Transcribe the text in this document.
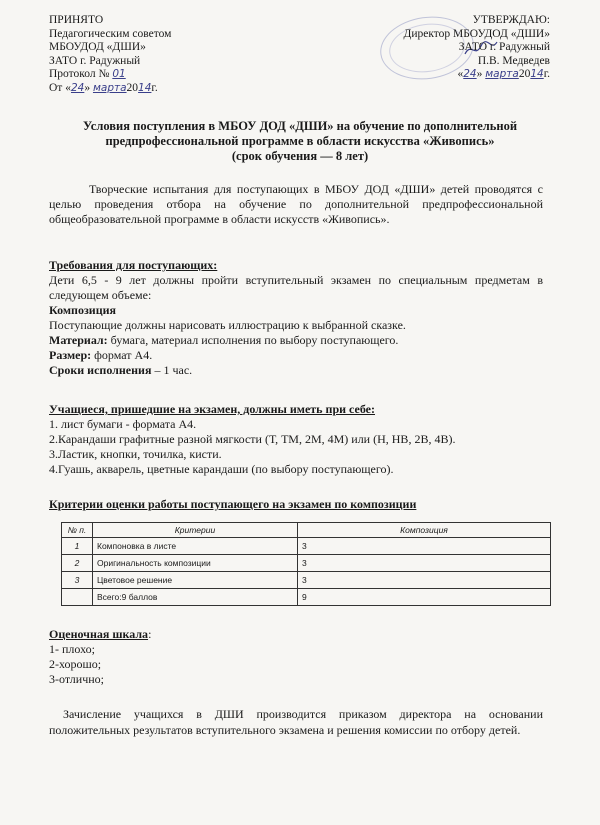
ПРИНЯТО
Педагогическим советом
МБОУДОД «ДШИ»
ЗАТО г. Радужный
Протокол № 01
От «24» марта2014г.
УТВЕРЖДАЮ:
Директор МБОУДОД «ДШИ»
ЗАТО г. Радужный
П.В. Медведев
«24» марта2014г.
Условия поступления в МБОУ ДОД «ДШИ» на обучение по дополнительной
предпрофессиональной программе в области искусства «Живопись»
(срок обучения — 8 лет)
Творческие испытания для поступающих в МБОУ ДОД «ДШИ» детей проводятся с целью проведения отбора на обучение по дополнительной предпрофессиональной общеобразовательной программе в области искусств «Живопись».
Требования для поступающих:
Дети 6,5 - 9 лет должны пройти вступительный экзамен по специальным предметам в следующем объеме:
Композиция
Поступающие должны нарисовать иллюстрацию к выбранной сказке.
Материал: бумага, материал исполнения по выбору поступающего.
Размер: формат А4.
Сроки исполнения – 1 час.
Учащиеся, пришедшие на экзамен, должны иметь при себе:
1. лист бумаги - формата А4.
2.Карандаши графитные разной мягкости (Т, ТМ, 2М, 4М) или (Н, НВ, 2В, 4В).
3.Ластик, кнопки, точилка, кисти.
4.Гуашь, акварель, цветные карандаши (по выбору поступающего).
Критерии оценки работы поступающего на экзамен по композиции
№ п.	Критерии	Композиция
1	Компоновка в листе	3
2	Оригинальность композиции	3
3	Цветовое решение	3
	Всего:9 баллов	9
Оценочная шкала:
1- плохо;
2-хорошо;
3-отлично;
Зачисление учащихся в ДШИ производится приказом директора на основании положительных результатов вступительного экзамена и решения комиссии по отбору детей.
